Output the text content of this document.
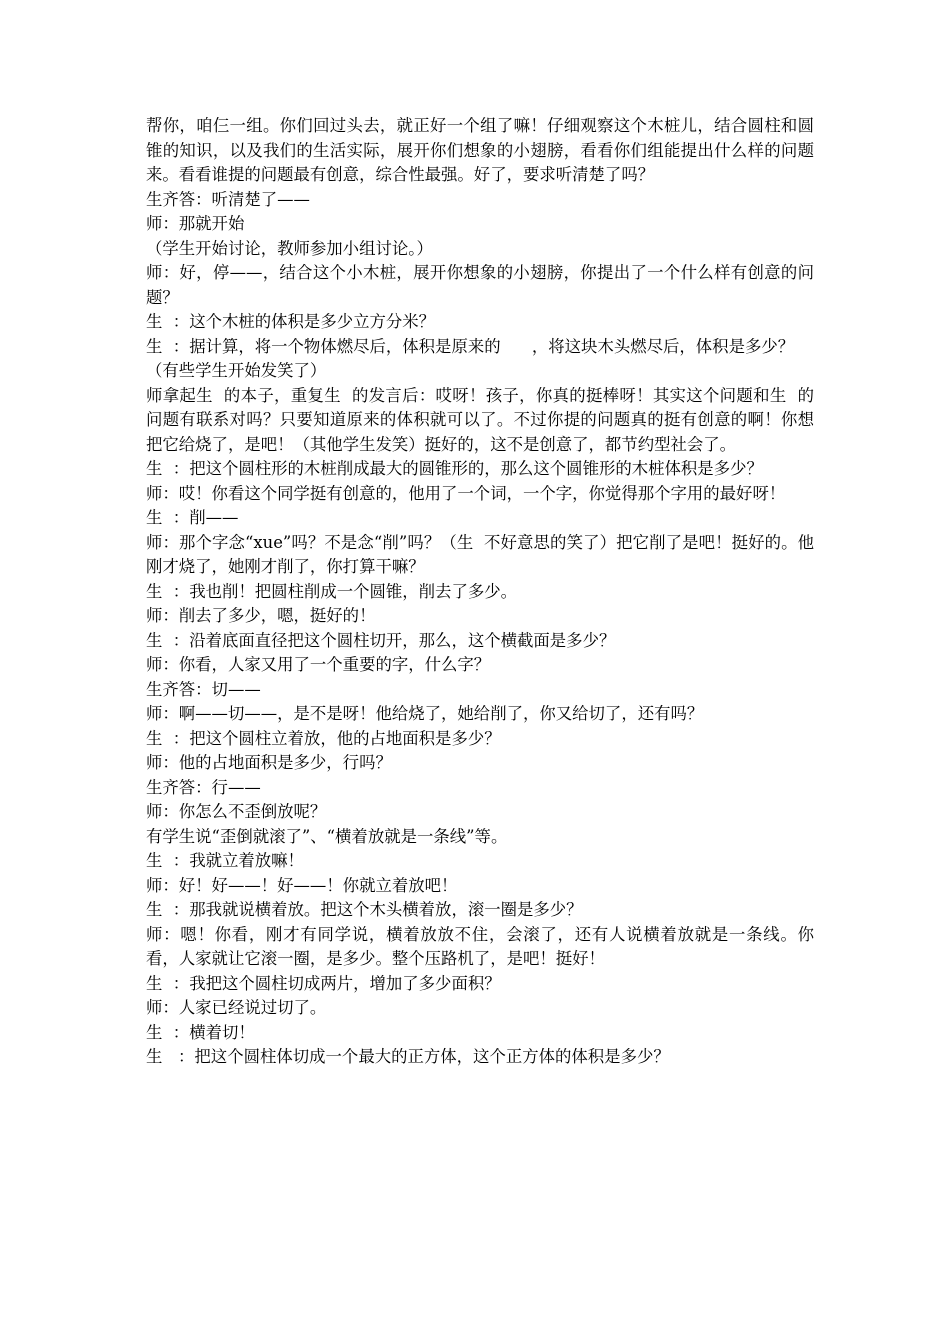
帮你，咱仨一组。你们回过头去，就正好一个组了嘛！仔细观察这个木桩儿，结合圆柱和圆锥的知识，以及我们的生活实际，展开你们想象的小翅膀，看看你们组能提出什么样的问题来。看看谁提的问题最有创意，综合性最强。好了，要求听清楚了吗？

生齐答：听清楚了——

师：那就开始

（学生开始讨论，教师参加小组讨论。）

师：好，停——，结合这个小木桩，展开你想象的小翅膀，你提出了一个什么样有创意的问题？

生  ：这个木桩的体积是多少立方分米？

生  ：据计算，将一个物体燃尽后，体积是原来的      ，将这块木头燃尽后，体积是多少？

（有些学生开始发笑了）

师拿起生  的本子，重复生  的发言后：哎呀！孩子，你真的挺棒呀！其实这个问题和生  的问题有联系对吗？只要知道原来的体积就可以了。不过你提的问题真的挺有创意的啊！你想把它给烧了，是吧！（其他学生发笑）挺好的，这不是创意了，都节约型社会了。

生  ：把这个圆柱形的木桩削成最大的圆锥形的，那么这个圆锥形的木桩体积是多少？

师：哎！你看这个同学挺有创意的，他用了一个词，一个字，你觉得那个字用的最好呀！

生  ：削——

师：那个字念“xue”吗？不是念“削”吗？（生  不好意思的笑了）把它削了是吧！挺好的。他刚才烧了，她刚才削了，你打算干嘛？

生  ：我也削！把圆柱削成一个圆锥，削去了多少。

师：削去了多少，嗯，挺好的！

生  ：沿着底面直径把这个圆柱切开，那么，这个横截面是多少？

师：你看，人家又用了一个重要的字，什么字？

生齐答：切——

师：啊——切——，是不是呀！他给烧了，她给削了，你又给切了，还有吗？

生  ：把这个圆柱立着放，他的占地面积是多少？

师：他的占地面积是多少，行吗？

生齐答：行——

师：你怎么不歪倒放呢？

有学生说“歪倒就滚了”、“横着放就是一条线”等。

生  ：我就立着放嘛！

师：好！好——！好——！你就立着放吧！

生  ：那我就说横着放。把这个木头横着放，滚一圈是多少？

师：嗯！你看，刚才有同学说，横着放放不住，会滚了，还有人说横着放就是一条线。你看，人家就让它滚一圈，是多少。整个压路机了，是吧！挺好！

生  ：我把这个圆柱切成两片，增加了多少面积？

师：人家已经说过切了。

生  ：横着切！

生   ：把这个圆柱体切成一个最大的正方体，这个正方体的体积是多少？
